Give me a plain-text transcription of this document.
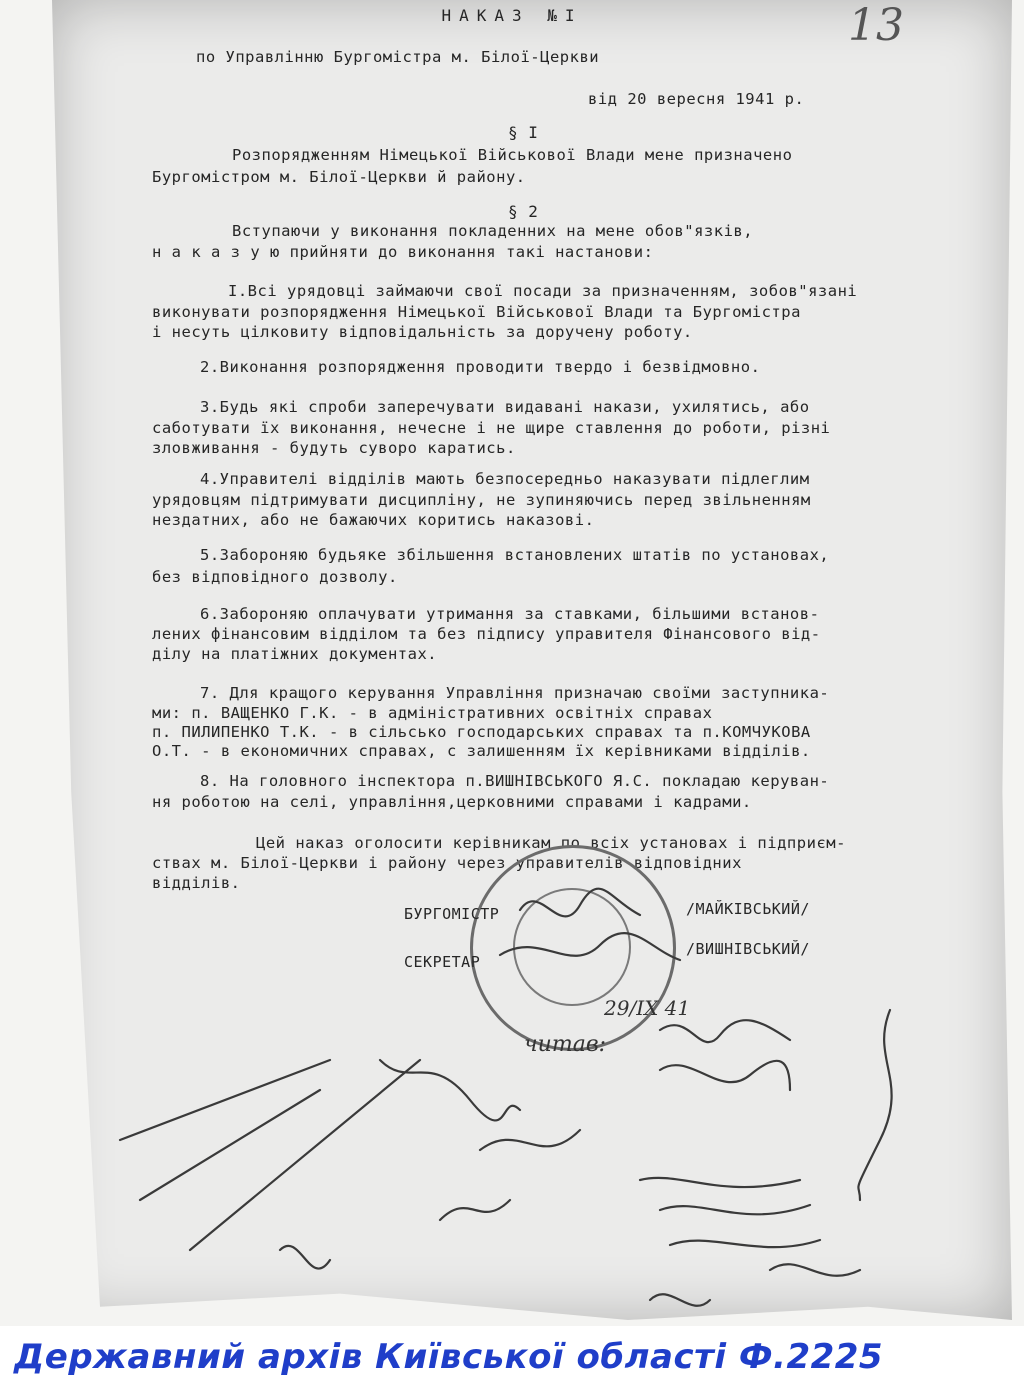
НАКАЗ №І	13
по Управлінню Бургомістра м. Білої-Церкви
від 20 вересня 1941 р.
§ І
Розпорядженням Німецької Військової Влади мене призначено
Бургомістром м. Білої-Церкви й району.
§ 2
Вступаючи у виконання покладенних на мене обов"язків,
н а к а з у ю прийняти до виконання такі настанови:
І.Всі урядовці займаючи свої посади за призначенням, зобов"язані
виконувати розпорядження Німецької Військової Влади та Бургомістра
і несуть цілковиту відповідальність за доручену роботу.
2.Виконання розпорядження проводити твердо і безвідмовно.
3.Будь які спроби заперечувати видавані накази, ухилятись, або
саботувати їх виконання, нечесне і не щире ставлення до роботи, різні
зловживання - будуть суворо каратись.
4.Управителі відділів мають безпосередньо наказувати підлеглим
урядовцям підтримувати дисципліну, не зупиняючись перед звільненням
нездатних, або не бажаючих коритись наказові.
5.Забороняю будьяке збільшення встановлених штатів по установах,
без відповідного дозволу.
6.Забороняю оплачувати утримання за ставками, більшими встанов-
лених фінансовим відділом та без підпису управителя Фінансового від-
ділу на платіжних документах.
7. Для кращого керування Управління призначаю своїми заступника-
ми: п. ВАЩЕНКО Г.К. - в адміністративних освітніх справах
п. ПИЛИПЕНКО Т.К. - в сільсько господарських справах та п.КОМЧУКОВА
О.Т. - в економичних справах, с залишенням їх керівниками відділів.
8. На головного інспектора п.ВИШНІВСЬКОГО Я.С. покладаю керуван-
ня роботою на селі, управління,церковними справами і кадрами.
Цей наказ оголосити керівникам по всіх установах і підприєм-
ствах м. Білої-Церкви і району через управителів відповідних
відділів.
БУРГОМІСТР	/МАЙКІВСЬКИЙ/
СЕКРЕТАР
/ВИШНІВСЬКИЙ/
29/IX 41
читав:
Державний архів Київської області Ф.2225
